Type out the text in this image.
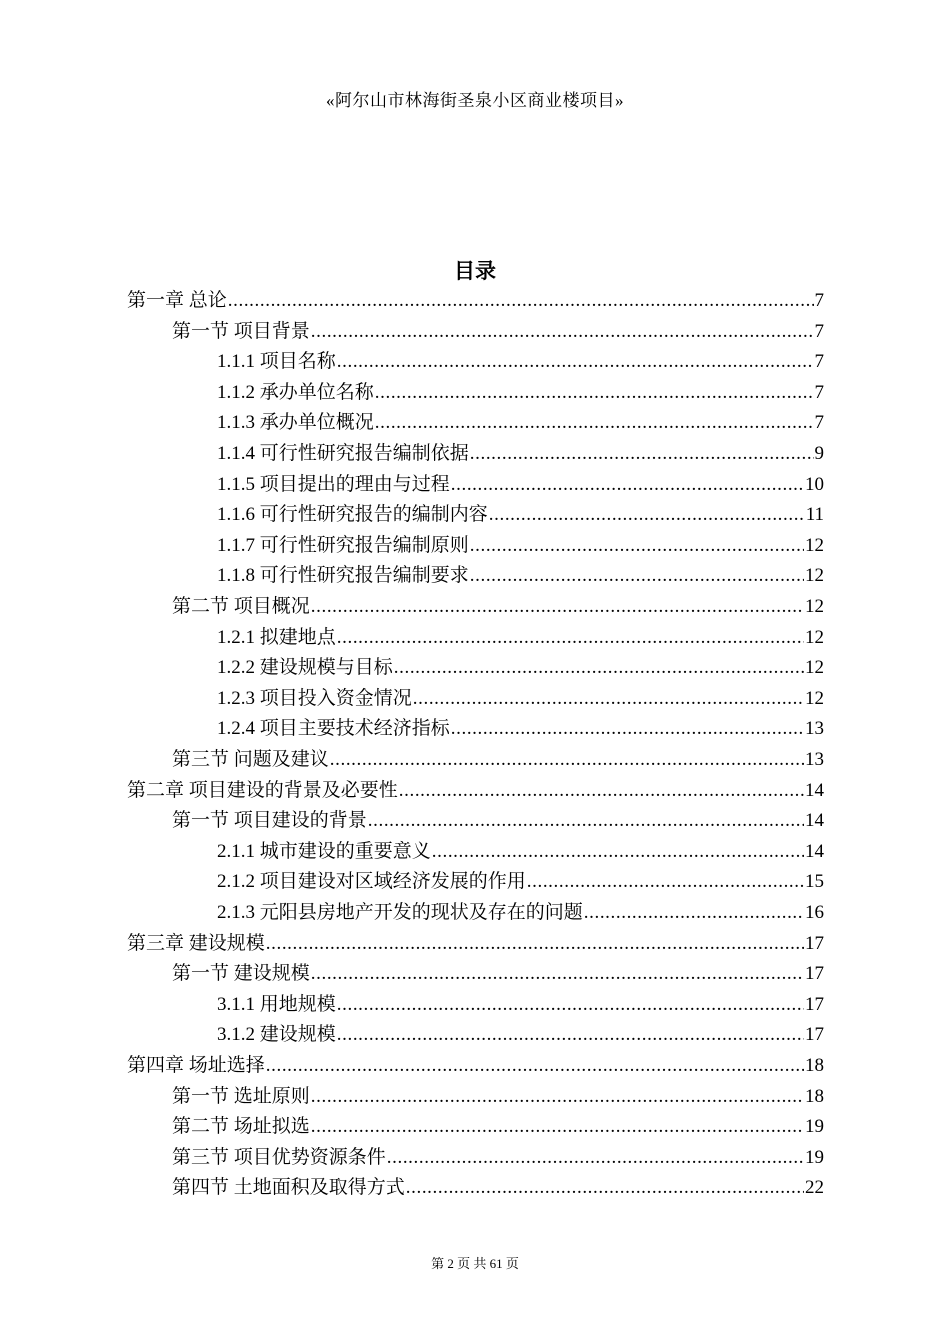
«阿尔山市林海街圣泉小区商业楼项目»
目录
第一章 总论 .....	7
第一节 项目背景 .....	7
1.1.1 项目名称 .....	7
1.1.2 承办单位名称 .....	7
1.1.3 承办单位概况 .....	7
1.1.4 可行性研究报告编制依据 .....	9
1.1.5 项目提出的理由与过程 .....	10
1.1.6 可行性研究报告的编制内容 .....	11
1.1.7 可行性研究报告编制原则 .....	12
1.1.8 可行性研究报告编制要求 .....	12
第二节 项目概况 .....	12
1.2.1 拟建地点 .....	12
1.2.2 建设规模与目标 .....	12
1.2.3 项目投入资金情况 .....	12
1.2.4 项目主要技术经济指标 .....	13
第三节 问题及建议 .....	13
第二章 项目建设的背景及必要性 .....	14
第一节 项目建设的背景 .....	14
2.1.1 城市建设的重要意义 .....	14
2.1.2 项目建设对区域经济发展的作用 .....	15
2.1.3 元阳县房地产开发的现状及存在的问题 .....	16
第三章 建设规模 .....	17
第一节 建设规模 .....	17
3.1.1 用地规模 .....	17
3.1.2 建设规模 .....	17
第四章 场址选择 .....	18
第一节 选址原则 .....	18
第二节 场址拟选 .....	19
第三节 项目优势资源条件 .....	19
第四节 土地面积及取得方式 .....	22
第 2 页 共 61 页
